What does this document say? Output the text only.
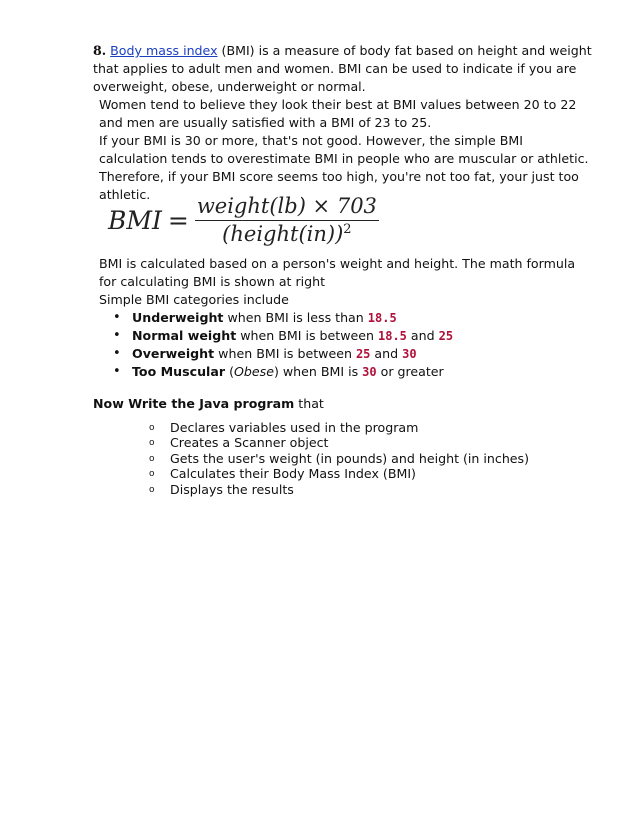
8. Body mass index (BMI) is a measure of body fat based on height and weight that applies to adult men and women. BMI can be used to indicate if you are overweight, obese, underweight or normal.

Women tend to believe they look their best at BMI values between 20 to 22 and men are usually satisfied with a BMI of 23 to 25.

If your BMI is 30 or more, that's not good. However, the simple BMI calculation tends to overestimate BMI in people who are muscular or athletic. Therefore, if your BMI score seems too high, you're not too fat, your just too athletic.

BMI = $\frac{\text{weight(lb) × 703}}{(height(in))^2}$

BMI is calculated based on a person's weight and height. The math formula for calculating BMI is shown at right

Simple BMI categories include

• Underweight when BMI is less than 18.5
• Normal weight when BMI is between 18.5 and 25
• Overweight when BMI is between 25 and 30
• Too Muscular (Obese) when BMI is 30 or greater
Now Write the Java program that
o Declares variables used in the program
o Creates a Scanner object
o Gets the user's weight (in pounds) and height (in inches)
o Calculates their Body Mass Index (BMI)
o Displays the results
